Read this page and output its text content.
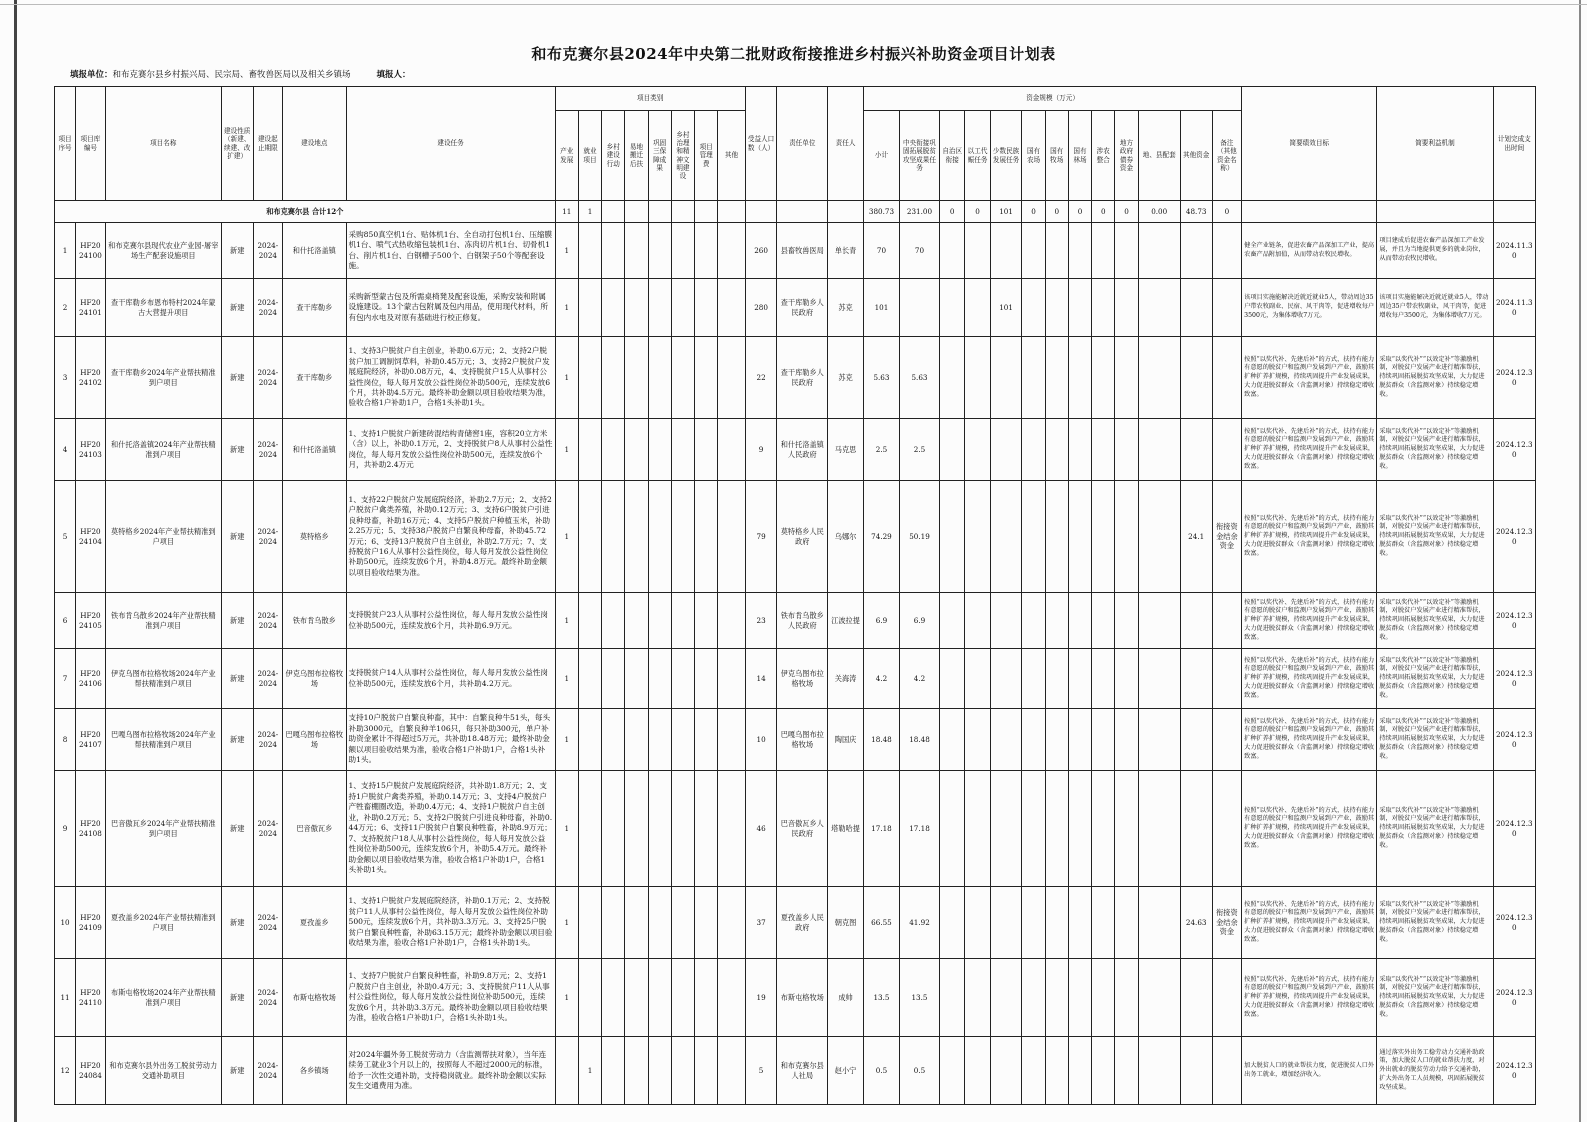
和布克赛尔县2024年中央第二批财政衔接推进乡村振兴补助资金项目计划表
填报单位：和布克赛尔县乡村振兴局、民宗局、畜牧兽医局以及相关乡镇场	填报人：
项目序号	项目库编号	项目名称	建设性质（新建、续建、改扩建）	建设起止期限	建设地点	建设任务	项目类别								受益人口数（人）	责任单位	责任人	资金规模（万元）													简要绩效目标	简要利益机制	计划完成支出时间
							产业发展	就业项目	乡村建设行动	易地搬迁后扶	巩固三保障成果	乡村治理和精神文明建设	项目管理费	其他				小计	中央衔接巩固拓展脱贫攻坚成果任务	自治区衔接	以工代赈任务	少数民族发展任务	国有农场	国有牧场	国有林场	涉农整合	地方政府债券资金	地、县配套	其他资金	备注（其他资金名称）			
和布克赛尔县 合计12个							11	1										380.73	231.00	0	0	101	0	0	0	0	0	0.00	48.73	0			
1	HF2024100	和布克赛尔县现代农业产业园-屠宰场生产配套设施项目	新建	2024-2024	和什托洛盖镇	采购850真空机1台、贴体机1台、全自动打包机1台、压缩膜机1台、喷气式热收缩包装机1台、冻肉切片机1台、切骨机1台、削片机1台、白钢槽子500个、白钢架子50个等配套设施。	1								260	县畜牧兽医局	单长青	70	70												健全产业链条，促进农畜产品深加工产业，提高农畜产品附加值，从而带动农牧民增收。	项目建成后促进农畜产品深加工产业发展，并且为当地提供更多的就业岗位，从而带动农牧民增收。	2024.11.30
2	HF2024101	查干库勒乡布恩布特村2024年蒙古大营提升项目	新建	2024-2024	查干库勒乡	采购新型蒙古包及所需桌椅凳及配套设施，采购安装和附属设施建设。13个蒙古包附属及包内用品，使用现代材料，所有包内水电及对原有基础进行校正修复。	1								280	查干库勒乡人民政府	苏克	101				101									该项目实施能解决近就近就业5人，带动周边35户带农牧副业、民宿、风干肉等，促进增收每户3500元，为集体增收7万元。	该项目实施能解决近就近就业5人，带动周边35户带农牧副业，风干肉等，促进增收每户3500元，为集体增收7万元。	2024.11.30
3	HF2024102	查干库勒乡2024年产业帮扶精准到户项目	新建	2024-2024	查干库勒乡	1、支持3户脱贫户自主创业，补助0.6万元；2、支持2户脱贫户加工调制饲草料，补助0.45万元；3、支持2户脱贫户发展庭院经济，补助0.08万元，4、支持脱贫户15人从事村公益性岗位，每人每月发放公益性岗位补助500元，连续发放6个月，共补助4.5万元。最终补助金额以项目验收结果为准，验收合格1户补助1户，合格1头补助1头。	1								22	查干库勒乡人民政府	苏克	5.63	5.63												按照“以奖代补、先建后补”的方式，扶持有能力有意愿的脱贫户和监测户发展到户产业，鼓励其扩种扩养扩规模，持续巩固提升产业发展成果，大力促进脱贫群众（含监测对象）持续稳定增收致富。	采取“以奖代补”“以效定补”等激励机制，对脱贫户发展产业进行精准帮扶，持续巩固拓展脱贫攻坚成果，大力促进脱贫群众（含监测对象）持续稳定增收。	2024.12.30
4	HF2024103	和什托洛盖镇2024年产业帮扶精准到户项目	新建	2024-2024	和什托洛盖镇	1、支持1户脱贫户新建砖混结构青储窖1座，容积20立方米（含）以上，补助0.1万元，2、支持脱贫户8人从事村公益性岗位，每人每月发放公益性岗位补助500元，连续发放6个月，共补助2.4万元	1								9	和什托洛盖镇人民政府	马克思	2.5	2.5												按照“以奖代补、先建后补”的方式，扶持有能力有意愿的脱贫户和监测户发展到户产业，鼓励其扩种扩养扩规模，持续巩固提升产业发展成果，大力促进脱贫群众（含监测对象）持续稳定增收致富。	采取“以奖代补”“以效定补”等激励机制，对脱贫户发展产业进行精准帮扶，持续巩固拓展脱贫攻坚成果，大力促进脱贫群众（含监测对象）持续稳定增收。	2024.12.30
5	HF2024104	莫特格乡2024年产业帮扶精准到户项目	新建	2024-2024	莫特格乡	1、支持22户脱贫户发展庭院经济，补助2.7万元；2、支持2户脱贫户禽类养殖，补助0.12万元；3、支持6户脱贫户引进良种母畜，补助16万元；4、支持5户脱贫户种植玉米，补助2.25万元；5、支持38户脱贫户自繁良种母畜，补助45.72万元；6、支持13户脱贫户自主创业，补助2.7万元；7、支持脱贫户16人从事村公益性岗位，每人每月发放公益性岗位补助500元，连续发放6个月，补助4.8万元。最终补助金额以项目验收结果为准。	1								79	莫特格乡人民政府	乌娜尔	74.29	50.19										24.1	衔接资金结余资金	按照“以奖代补、先建后补”的方式，扶持有能力有意愿的脱贫户和监测户发展到户产业，鼓励其扩种扩养扩规模，持续巩固提升产业发展成果，大力促进脱贫群众（含监测对象）持续稳定增收致富。	采取“以奖代补”“以效定补”等激励机制，对脱贫户发展产业进行精准帮扶，持续巩固拓展脱贫攻坚成果，大力促进脱贫群众（含监测对象）持续稳定增收。	2024.12.30
6	HF2024105	铁布肯乌散乡2024年产业帮扶精准到户项目	新建	2024-2024	铁布肯乌散乡	支持脱贫户23人从事村公益性岗位，每人每月发放公益性岗位补助500元，连续发放6个月，共补助6.9万元。	1								23	铁布肯乌散乡人民政府	江波拉提	6.9	6.9												按照“以奖代补、先建后补”的方式，扶持有能力有意愿的脱贫户和监测户发展到户产业，鼓励其扩种扩养扩规模，持续巩固提升产业发展成果，大力促进脱贫群众（含监测对象）持续稳定增收致富。	采取“以奖代补”“以效定补”等激励机制，对脱贫户发展产业进行精准帮扶，持续巩固拓展脱贫攻坚成果，大力促进脱贫群众（含监测对象）持续稳定增收。	2024.12.30
7	HF2024106	伊克乌图布拉格牧场2024年产业帮扶精准到户项目	新建	2024-2024	伊克乌图布拉格牧场	支持脱贫户14人从事村公益性岗位，每人每月发放公益性岗位补助500元，连续发放6个月，共补助4.2万元。	1								14	伊克乌图布拉格牧场	关海涛	4.2	4.2												按照“以奖代补、先建后补”的方式，扶持有能力有意愿的脱贫户和监测户发展到户产业，鼓励其扩种扩养扩规模，持续巩固提升产业发展成果，大力促进脱贫群众（含监测对象）持续稳定增收致富。	采取“以奖代补”“以效定补”等激励机制，对脱贫户发展产业进行精准帮扶，持续巩固拓展脱贫攻坚成果，大力促进脱贫群众（含监测对象）持续稳定增收。	2024.12.30
8	HF2024107	巴嘎乌图布拉格牧场2024年产业帮扶精准到户项目	新建	2024-2024	巴嘎乌图布拉格牧场	支持10户脱贫户自繁良种畜，其中：自繁良种牛51头，每头补助3000元，自繁良种羊106只，每只补助300元，单户补助资金累计不得超过5万元，共补助18.48万元；最终补助金额以项目验收结果为准，验收合格1户补助1户，合格1头补助1头。	1								10	巴嘎乌图布拉格牧场	陶国庆	18.48	18.48												按照“以奖代补、先建后补”的方式，扶持有能力有意愿的脱贫户和监测户发展到户产业，鼓励其扩种扩养扩规模，持续巩固提升产业发展成果，大力促进脱贫群众（含监测对象）持续稳定增收致富。	采取“以奖代补”“以效定补”等激励机制，对脱贫户发展产业进行精准帮扶，持续巩固拓展脱贫攻坚成果，大力促进脱贫群众（含监测对象）持续稳定增收。	2024.12.30
9	HF2024108	巴音傲瓦乡2024年产业帮扶精准到户项目	新建	2024-2024	巴音傲瓦乡	1、支持15户脱贫户发展庭院经济，共补助1.8万元；2、支持1户脱贫户禽类养殖，补助0.14万元；3、支持4户脱贫户产牲畜棚圈改造，补助0.4万元；4、支持1户脱贫户自主创业，补助0.2万元；5、支持2户脱贫户引进良种母畜，补助0.44万元；6、支持11户脱贫户自繁良种牲畜，补助8.9万元；7、支持脱贫户18人从事村公益性岗位，每人每月发放公益性岗位补助500元，连续发放6个月，补助5.4万元。最终补助金额以项目验收结果为准，验收合格1户补助1户，合格1头补助1头。	1								46	巴音傲瓦乡人民政府	塔勒哈提	17.18	17.18												按照“以奖代补、先建后补”的方式，扶持有能力有意愿的脱贫户和监测户发展到户产业，鼓励其扩种扩养扩规模，持续巩固提升产业发展成果，大力促进脱贫群众（含监测对象）持续稳定增收致富。	采取“以奖代补”“以效定补”等激励机制，对脱贫户发展产业进行精准帮扶，持续巩固拓展脱贫攻坚成果，大力促进脱贫群众（含监测对象）持续稳定增收。	2024.12.30
10	HF2024109	夏孜盖乡2024年产业帮扶精准到户项目	新建	2024-2024	夏孜盖乡	1、支持1户脱贫户发展庭院经济，补助0.1万元；2、支持脱贫户11人从事村公益性岗位，每人每月发放公益性岗位补助500元，连续发放6个月，共补助3.3万元。3、支持25户脱贫户自繁良种牲畜，补助63.15万元；最终补助金额以项目验收结果为准，验收合格1户补助1户，合格1头补助1头。	1								37	夏孜盖乡人民政府	朝克图	66.55	41.92										24.63	衔接资金结余资金	按照“以奖代补、先建后补”的方式，扶持有能力有意愿的脱贫户和监测户发展到户产业，鼓励其扩种扩养扩规模，持续巩固提升产业发展成果，大力促进脱贫群众（含监测对象）持续稳定增收致富。	采取“以奖代补”“以效定补”等激励机制，对脱贫户发展产业进行精准帮扶，持续巩固拓展脱贫攻坚成果，大力促进脱贫群众（含监测对象）持续稳定增收。	2024.12.30
11	HF2024110	布斯屯格牧场2024年产业帮扶精准到户项目	新建	2024-2024	布斯屯格牧场	1、支持7户脱贫户自繁良种牲畜，补助9.8万元；2、支持1户脱贫户自主创业，补助0.4万元；3、支持脱贫户11人从事村公益性岗位，每人每月发放公益性岗位补助500元，连续发放6个月，共补助3.3万元。最终补助金额以项目验收结果为准，验收合格1户补助1户，合格1头补助1头。	1								19	布斯屯格牧场	成帅	13.5	13.5												按照“以奖代补、先建后补”的方式，扶持有能力有意愿的脱贫户和监测户发展到户产业，鼓励其扩种扩养扩规模，持续巩固提升产业发展成果，大力促进脱贫群众（含监测对象）持续稳定增收致富。	采取“以奖代补”“以效定补”等激励机制，对脱贫户发展产业进行精准帮扶，持续巩固拓展脱贫攻坚成果，大力促进脱贫群众（含监测对象）持续稳定增收。	2024.12.30
12	HF2024084	和布克赛尔县外出务工脱贫劳动力交通补助项目	新建	2024-2024	各乡镇场	对2024年疆外务工脱贫劳动力（含监测帮扶对象），当年连续务工就业3个月以上的，按照每人不超过2000元的标准，给予一次性交通补助，支持稳岗就业。最终补助金额以实际发生交通费用为准。		1							5	和布克赛尔县人社局	赵小宁	0.5	0.5												加大脱贫人口的就业帮扶力度，促进脱贫人口外出务工就业，增加经济收入。	通过落实外出务工稳劳动力交通补助政策，加大脱贫人口的就业帮扶力度，对外出就业的脱贫劳动力给予交通补助，扩大外出务工人员规模，巩固拓展脱贫攻坚成果。	2024.12.30
